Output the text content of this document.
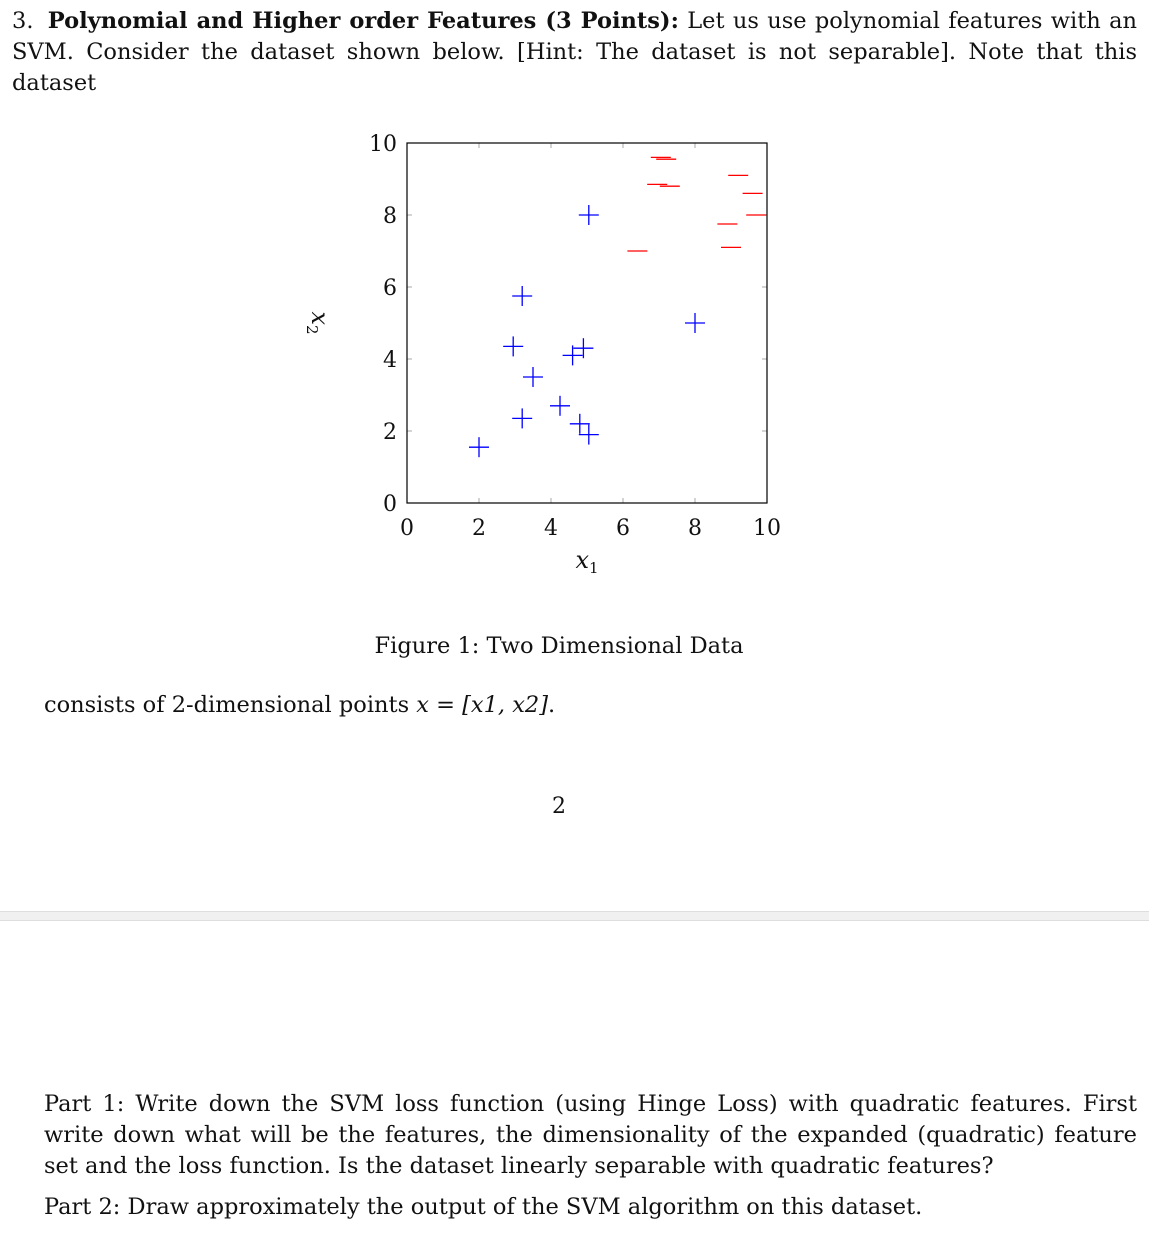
3. Polynomial and Higher order Features (3 Points): Let us use polynomial features with an SVM. Consider the dataset shown below. [Hint: The dataset is not separable]. Note that this dataset

0	2	4	6	8 10
0
2
4
6
8
10
$x_1$
$x_2$
Figure 1: Two Dimensional Data

consists of 2-dimensional points x = [x1, x2].

2

Part 1: Write down the SVM loss function (using Hinge Loss) with quadratic features. First write down what will be the features, the dimensionality of the expanded (quadratic) feature set and the loss function. Is the dataset linearly separable with quadratic features?

Part 2: Draw approximately the output of the SVM algorithm on this dataset.
